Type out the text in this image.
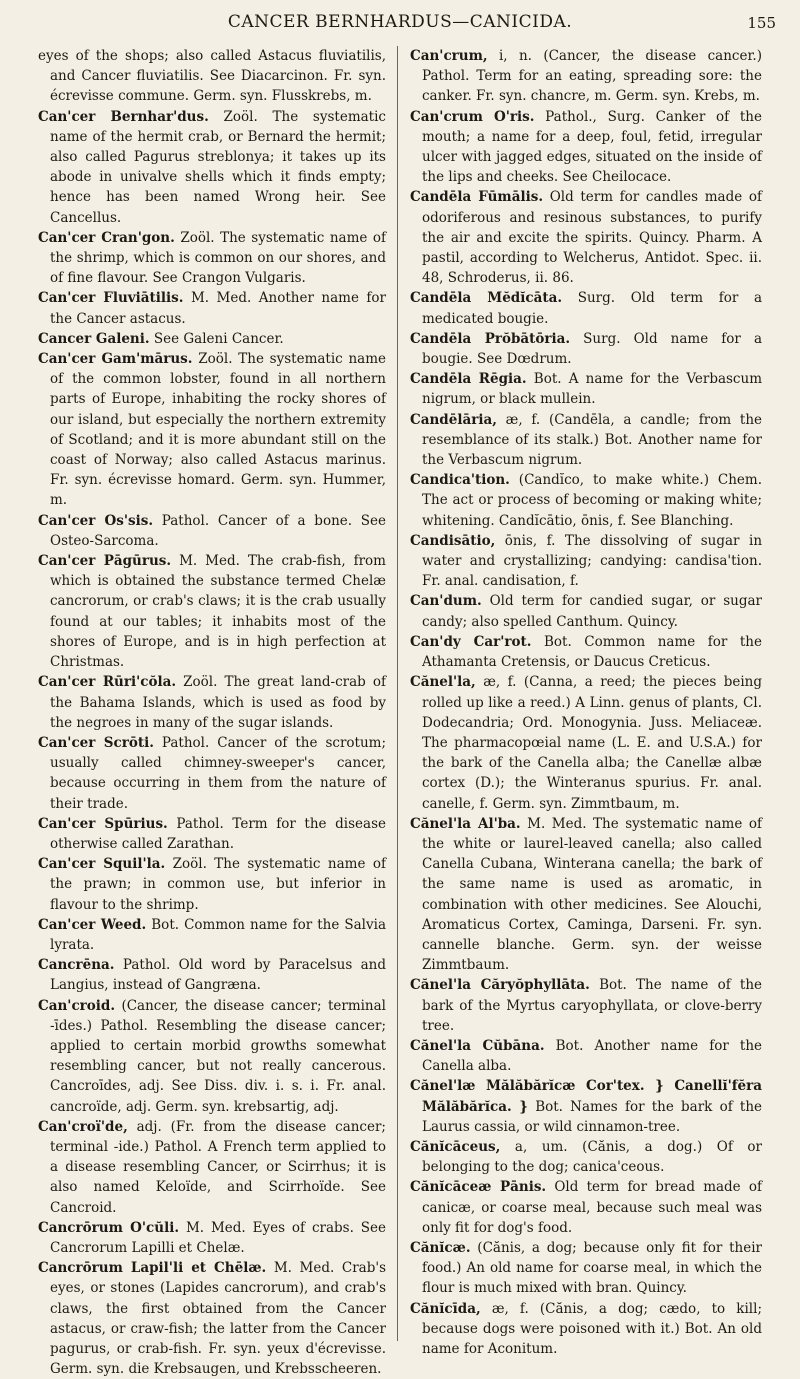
CANCER BERNHARDUS—CANICIDA.	155

eyes of the shops; also called Astacus fluviatilis, and Cancer fluviatilis. See Diacarcinon. Fr. syn. écrevisse commune. Germ. syn. Flusskrebs, m.

Can'cer Bernhar'dus. Zoöl. The systematic name of the hermit crab, or Bernard the hermit; also called Pagurus streblonya; it takes up its abode in univalve shells which it finds empty; hence has been named Wrong heir. See Cancellus.

Can'cer Cran'gon. Zoöl. The systematic name of the shrimp, which is common on our shores, and of fine flavour. See Crangon Vulgaris.

Can'cer Fluviātilis. M. Med. Another name for the Cancer astacus.

Cancer Galeni. See Galeni Cancer.

Can'cer Gam'mārus. Zoöl. The systematic name of the common lobster, found in all northern parts of Europe, inhabiting the rocky shores of our island, but especially the northern extremity of Scotland; and it is more abundant still on the coast of Norway; also called Astacus marinus. Fr. syn. écrevisse homard. Germ. syn. Hummer, m.

Can'cer Os'sis. Pathol. Cancer of a bone. See Osteo-Sarcoma.

Can'cer Pāgūrus. M. Med. The crab-fish, from which is obtained the substance termed Chelæ cancrorum, or crab's claws; it is the crab usually found at our tables; it inhabits most of the shores of Europe, and is in high perfection at Christmas.

Can'cer Rūri'cŏla. Zoöl. The great land-crab of the Bahama Islands, which is used as food by the negroes in many of the sugar islands.

Can'cer Scrōti. Pathol. Cancer of the scrotum; usually called chimney-sweeper's cancer, because occurring in them from the nature of their trade.

Can'cer Spūrius. Pathol. Term for the disease otherwise called Zarathan.

Can'cer Squil'la. Zoöl. The systematic name of the prawn; in common use, but inferior in flavour to the shrimp.

Can'cer Weed. Bot. Common name for the Salvia lyrata.

Cancrēna. Pathol. Old word by Paracelsus and Langius, instead of Gangræna.

Can'croid. (Cancer, the disease cancer; terminal -īdes.) Pathol. Resembling the disease cancer; applied to certain morbid growths somewhat resembling cancer, but not really cancerous. Cancroīdes, adj. See Diss. div. i. s. i. Fr. anal. cancroïde, adj. Germ. syn. krebsartig, adj.

Can'croï'de, adj. (Fr. from the disease cancer; terminal -ide.) Pathol. A French term applied to a disease resembling Cancer, or Scirrhus; it is also named Keloïde, and Scirrhoïde. See Cancroid.

Cancrōrum O'cŭli. M. Med. Eyes of crabs. See Cancrorum Lapilli et Chelæ.

Cancrōrum Lapil'li et Chēlæ. M. Med. Crab's eyes, or stones (Lapides cancrorum), and crab's claws, the first obtained from the Cancer astacus, or craw-fish; the latter from the Cancer pagurus, or crab-fish. Fr. syn. yeux d'écrevisse. Germ. syn. die Krebsaugen, und Krebsscheeren.

Can'crum, i, n. (Cancer, the disease cancer.) Pathol. Term for an eating, spreading sore: the canker. Fr. syn. chancre, m. Germ. syn. Krebs, m.

Can'crum O'ris. Pathol., Surg. Canker of the mouth; a name for a deep, foul, fetid, irregular ulcer with jagged edges, situated on the inside of the lips and cheeks. See Cheilocace.

Candēla Fūmālis. Old term for candles made of odoriferous and resinous substances, to purify the air and excite the spirits. Quincy. Pharm. A pastil, according to Welcherus, Antidot. Spec. ii. 48, Schroderus, ii. 86.

Candēla Mĕdĭcāta. Surg. Old term for a medicated bougie.

Candēla Prŏbātōria. Surg. Old name for a bougie. See Dœdrum.

Candēla Rēgia. Bot. A name for the Verbascum nigrum, or black mullein.

Candēlāria, æ, f. (Candēla, a candle; from the resemblance of its stalk.) Bot. Another name for the Verbascum nigrum.

Candica'tion. (Candĭco, to make white.) Chem. The act or process of becoming or making white; whitening. Candĭcātio, ōnis, f. See Blanching.

Candisātio, ōnis, f. The dissolving of sugar in water and crystallizing; candying: candisa'tion. Fr. anal. candisation, f.

Can'dum. Old term for candied sugar, or sugar candy; also spelled Canthum. Quincy.

Can'dy Car'rot. Bot. Common name for the Athamanta Cretensis, or Daucus Creticus.

Cănel'la, æ, f. (Canna, a reed; the pieces being rolled up like a reed.) A Linn. genus of plants, Cl. Dodecandria; Ord. Monogynia. Juss. Meliaceæ. The pharmacopœial name (L. E. and U.S.A.) for the bark of the Canella alba; the Canellæ albæ cortex (D.); the Winteranus spurius. Fr. anal. canelle, f. Germ. syn. Zimmtbaum, m.

Cănel'la Al'ba. M. Med. The systematic name of the white or laurel-leaved canella; also called Canella Cubana, Winterana canella; the bark of the same name is used as aromatic, in combination with other medicines. See Alouchi, Aromaticus Cortex, Caminga, Darseni. Fr. syn. cannelle blanche. Germ. syn. der weisse Zimmtbaum.

Cănel'la Căryŏphyllāta. Bot. The name of the bark of the Myrtus caryophyllata, or clove-berry tree.

Cănel'la Cŭbāna. Bot. Another name for the Canella alba.

Cănel'læ Mălăbărĭcæ Cor'tex. } Canellĭ'fĕra Mălăbărĭca. } Bot. Names for the bark of the Laurus cassia, or wild cinnamon-tree.

Cănĭcāceus, a, um. (Cănis, a dog.) Of or belonging to the dog; canica'ceous.

Cănĭcāceæ Pānis. Old term for bread made of canicæ, or coarse meal, because such meal was only fit for dog's food.

Cănĭcæ. (Cănis, a dog; because only fit for their food.) An old name for coarse meal, in which the flour is much mixed with bran. Quincy.

Cănĭcīda, æ, f. (Cănis, a dog; cædo, to kill; because dogs were poisoned with it.) Bot. An old name for Aconitum.
